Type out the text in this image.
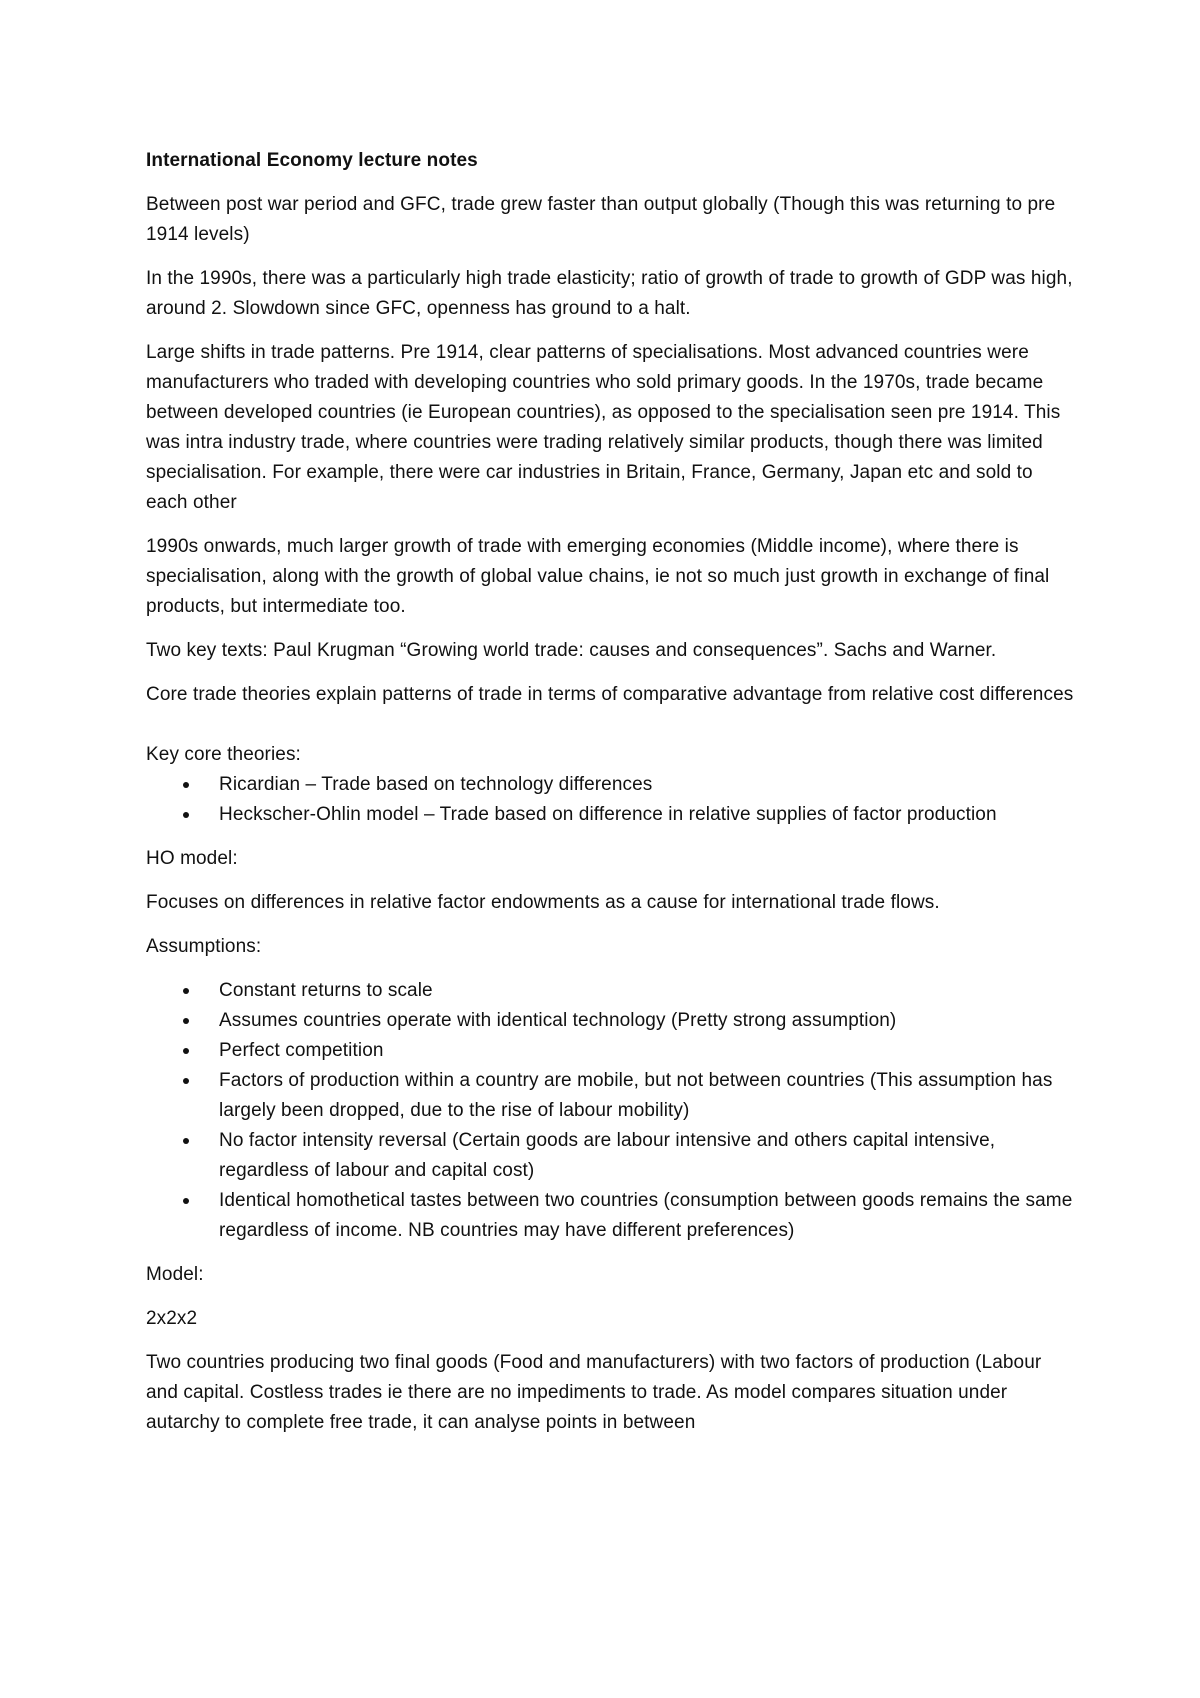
International Economy lecture notes

Between post war period and GFC, trade grew faster than output globally (Though this was returning to pre 1914 levels)

In the 1990s, there was a particularly high trade elasticity; ratio of growth of trade to growth of GDP was high, around 2. Slowdown since GFC, openness has ground to a halt.

Large shifts in trade patterns. Pre 1914, clear patterns of specialisations. Most advanced countries were manufacturers who traded with developing countries who sold primary goods. In the 1970s, trade became between developed countries (ie European countries), as opposed to the specialisation seen pre 1914. This was intra industry trade, where countries were trading relatively similar products, though there was limited specialisation. For example, there were car industries in Britain, France, Germany, Japan etc and sold to each other

1990s onwards, much larger growth of trade with emerging economies (Middle income), where there is specialisation, along with the growth of global value chains, ie not so much just growth in exchange of final products, but intermediate too.

Two key texts: Paul Krugman “Growing world trade: causes and consequences”. Sachs and Warner.

Core trade theories explain patterns of trade in terms of comparative advantage from relative cost differences

Key core theories:

Ricardian – Trade based on technology differences
Heckscher-Ohlin model – Trade based on difference in relative supplies of factor production

HO model:

Focuses on differences in relative factor endowments as a cause for international trade flows.

Assumptions:

Constant returns to scale
Assumes countries operate with identical technology (Pretty strong assumption)
Perfect competition
Factors of production within a country are mobile, but not between countries (This assumption has largely been dropped, due to the rise of labour mobility)
No factor intensity reversal (Certain goods are labour intensive and others capital intensive, regardless of labour and capital cost)
Identical homothetical tastes between two countries (consumption between goods remains the same regardless of income. NB countries may have different preferences)

Model:

2x2x2

Two countries producing two final goods (Food and manufacturers) with two factors of production (Labour and capital. Costless trades ie there are no impediments to trade. As model compares situation under autarchy to complete free trade, it can analyse points in between
